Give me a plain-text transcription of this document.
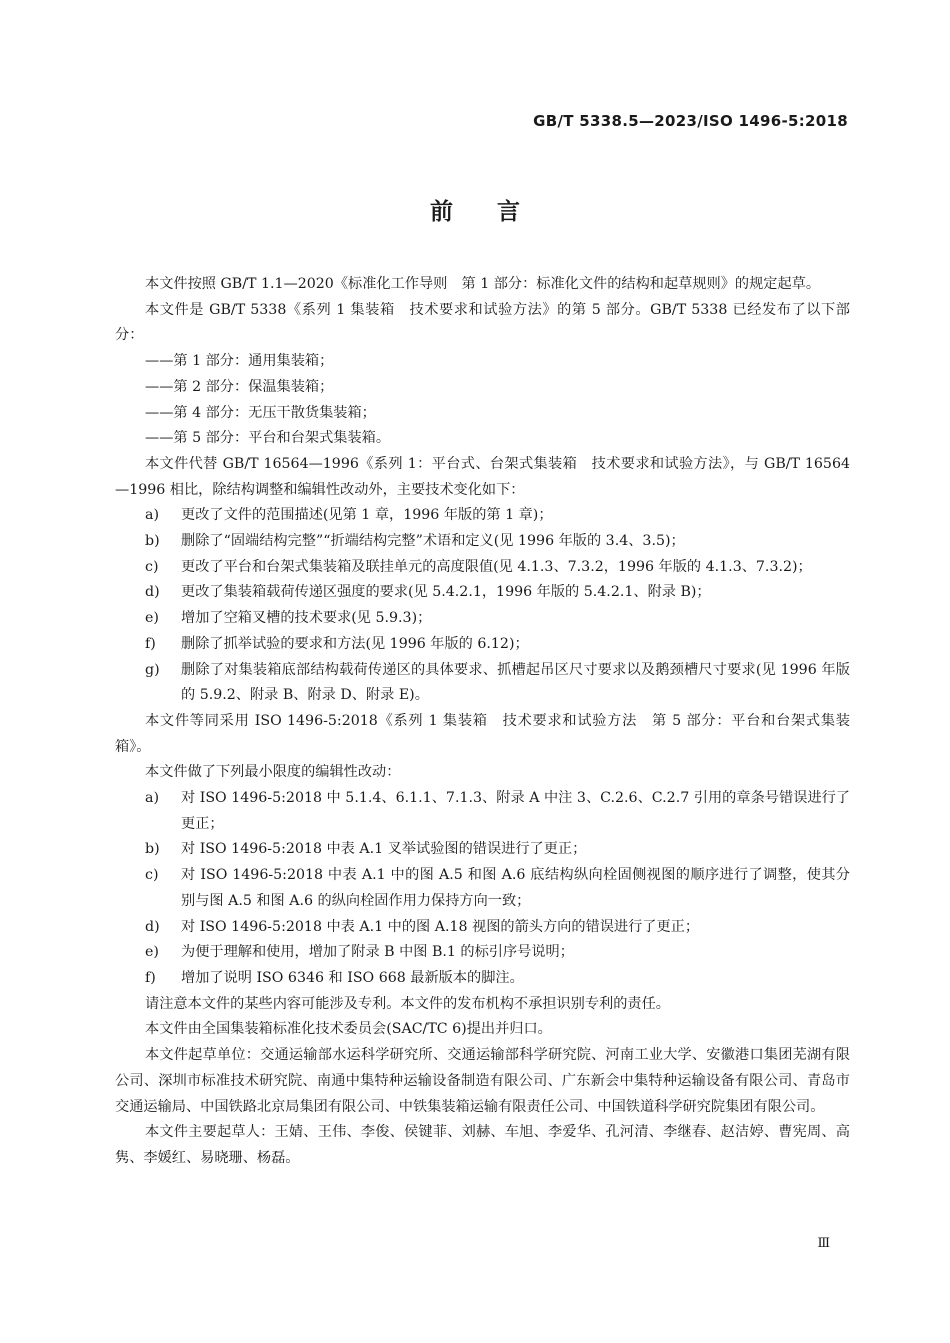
GB/T 5338.5—2023/ISO 1496-5:2018
前言

本文件按照 GB/T 1.1—2020《标准化工作导则　第 1 部分：标准化文件的结构和起草规则》的规定起草。

本文件是 GB/T 5338《系列 1 集装箱　技术要求和试验方法》的第 5 部分。GB/T 5338 已经发布了以下部分：

——第 1 部分：通用集装箱；

——第 2 部分：保温集装箱；

——第 4 部分：无压干散货集装箱；

——第 5 部分：平台和台架式集装箱。

本文件代替 GB/T 16564—1996《系列 1：平台式、台架式集装箱　技术要求和试验方法》，与 GB/T 16564—1996 相比，除结构调整和编辑性改动外，主要技术变化如下：

a)	更改了文件的范围描述(见第 1 章，1996 年版的第 1 章)；
b)	删除了“固端结构完整”“折端结构完整”术语和定义(见 1996 年版的 3.4、3.5)；
c)	更改了平台和台架式集装箱及联挂单元的高度限值(见 4.1.3、7.3.2，1996 年版的 4.1.3、7.3.2)；
d)	更改了集装箱载荷传递区强度的要求(见 5.4.2.1，1996 年版的 5.4.2.1、附录 B)；
e)	增加了空箱叉槽的技术要求(见 5.9.3)；
f)	删除了抓举试验的要求和方法(见 1996 年版的 6.12)；
g)	删除了对集装箱底部结构载荷传递区的具体要求、抓槽起吊区尺寸要求以及鹅颈槽尺寸要求(见 1996 年版的 5.9.2、附录 B、附录 D、附录 E)。

本文件等同采用 ISO 1496-5:2018《系列 1 集装箱　技术要求和试验方法　第 5 部分：平台和台架式集装箱》。

本文件做了下列最小限度的编辑性改动：

a)	对 ISO 1496-5:2018 中 5.1.4、6.1.1、7.1.3、附录 A 中注 3、C.2.6、C.2.7 引用的章条号错误进行了更正；
b)	对 ISO 1496-5:2018 中表 A.1 叉举试验图的错误进行了更正；
c)	对 ISO 1496-5:2018 中表 A.1 中的图 A.5 和图 A.6 底结构纵向栓固侧视图的顺序进行了调整，使其分别与图 A.5 和图 A.6 的纵向栓固作用力保持方向一致；
d)	对 ISO 1496-5:2018 中表 A.1 中的图 A.18 视图的箭头方向的错误进行了更正；
e)	为便于理解和使用，增加了附录 B 中图 B.1 的标引序号说明；
f)	增加了说明 ISO 6346 和 ISO 668 最新版本的脚注。

请注意本文件的某些内容可能涉及专利。本文件的发布机构不承担识别专利的责任。

本文件由全国集装箱标准化技术委员会(SAC/TC 6)提出并归口。

本文件起草单位：交通运输部水运科学研究所、交通运输部科学研究院、河南工业大学、安徽港口集团芜湖有限公司、深圳市标准技术研究院、南通中集特种运输设备制造有限公司、广东新会中集特种运输设备有限公司、青岛市交通运输局、中国铁路北京局集团有限公司、中铁集装箱运输有限责任公司、中国铁道科学研究院集团有限公司。

本文件主要起草人：王婧、王伟、李俊、侯键菲、刘赫、车旭、李爱华、孔河清、李继春、赵洁婷、曹宪周、高隽、李媛红、易晓珊、杨磊。

Ⅲ
